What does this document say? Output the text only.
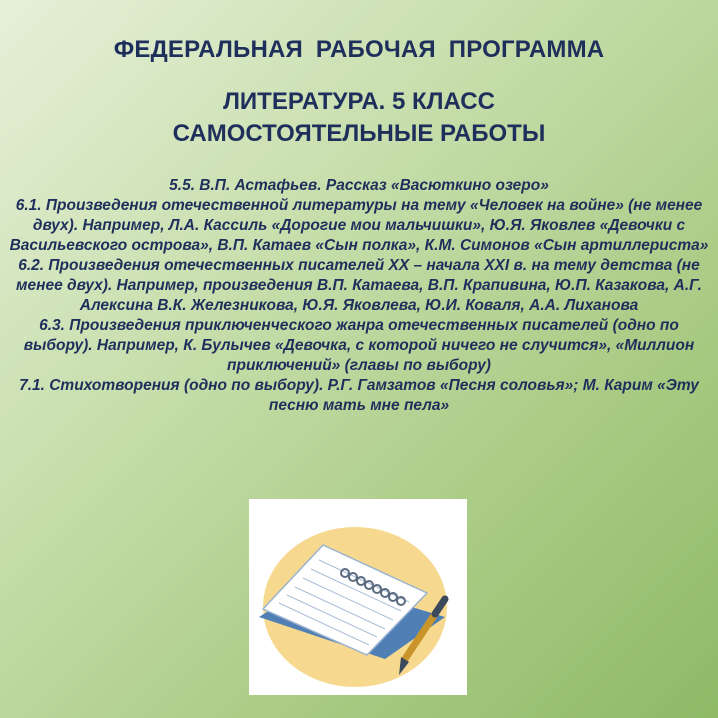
ФЕДЕРАЛЬНАЯ РАБОЧАЯ ПРОГРАММА
ЛИТЕРАТУРА. 5 КЛАСС
САМОСТОЯТЕЛЬНЫЕ РАБОТЫ

5.5. В.П. Астафьев. Рассказ «Васюткино озеро»

6.1. Произведения отечественной литературы на тему «Человек на войне» (не менее двух). Например, Л.А. Кассиль «Дорогие мои мальчишки», Ю.Я. Яковлев «Девочки с Васильевского острова», В.П. Катаев «Сын полка», К.М. Симонов «Сын артиллериста»

6.2. Произведения отечественных писателей XX – начала XXI в. на тему детства (не менее двух). Например, произведения В.П. Катаева, В.П. Крапивина, Ю.П. Казакова, А.Г. Алексина В.К. Железникова, Ю.Я. Яковлева, Ю.И. Коваля, А.А. Лиханова

6.3. Произведения приключенческого жанра отечественных писателей (одно по выбору). Например, К. Булычев «Девочка, с которой ничего не случится», «Миллион приключений» (главы по выбору)

7.1. Стихотворения (одно по выбору). Р.Г. Гамзатов «Песня соловья»; М. Карим «Эту песню мать мне пела»
